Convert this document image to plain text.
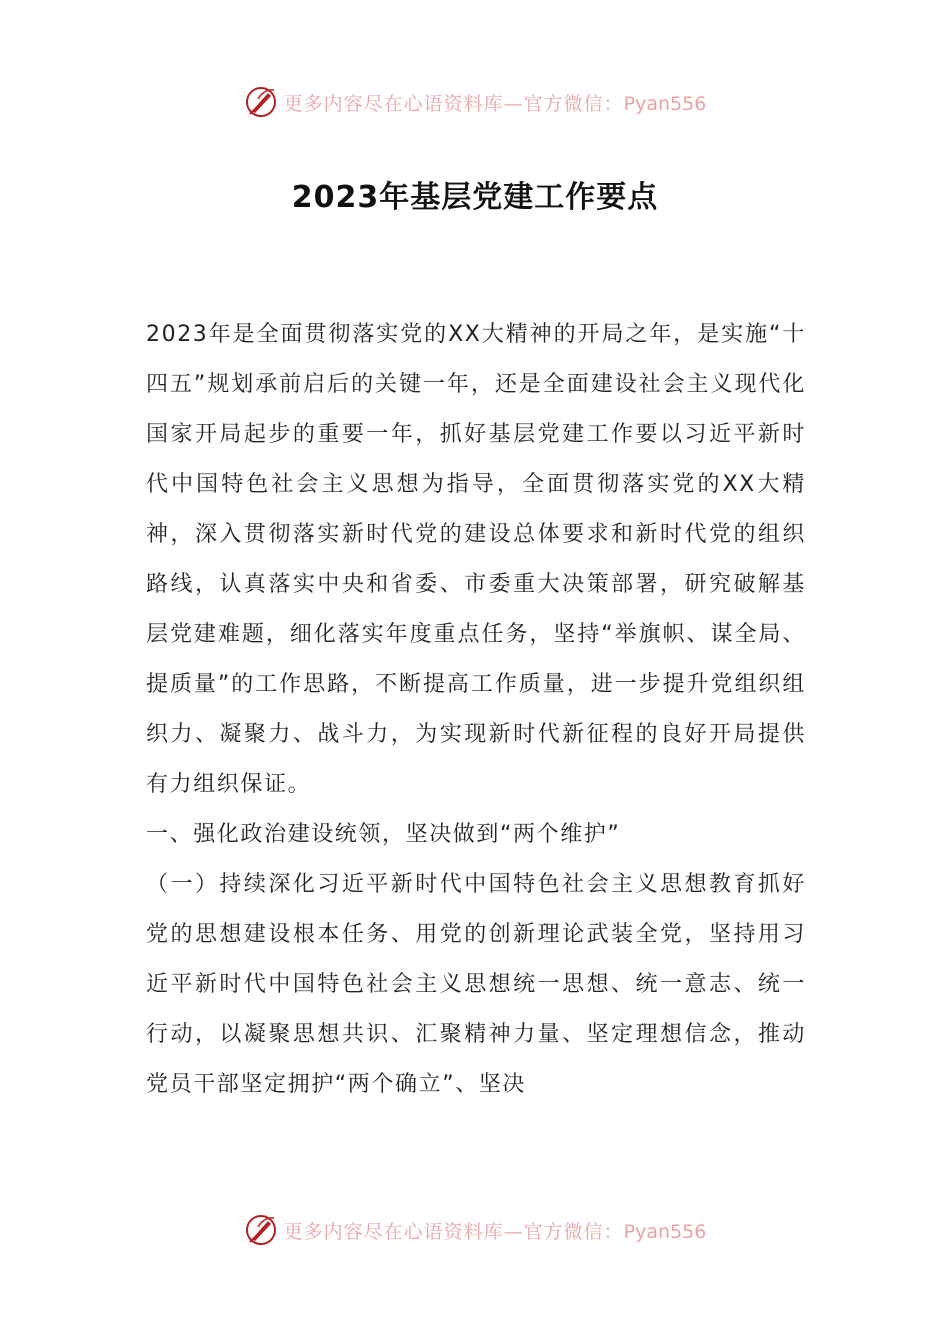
更多内容尽在心语资料库—官方微信：Pyan556
2023年基层党建工作要点

2023年是全面贯彻落实党的XX大精神的开局之年，是实施“十四五”规划承前启后的关键一年，还是全面建设社会主义现代化国家开局起步的重要一年，抓好基层党建工作要以习近平新时代中国特色社会主义思想为指导，全面贯彻落实党的XX大精神，深入贯彻落实新时代党的建设总体要求和新时代党的组织路线，认真落实中央和省委、市委重大决策部署，研究破解基层党建难题，细化落实年度重点任务，坚持“举旗帜、谋全局、提质量”的工作思路，不断提高工作质量，进一步提升党组织组织力、凝聚力、战斗力，为实现新时代新征程的良好开局提供有力组织保证。

一、强化政治建设统领，坚决做到“两个维护”

（一）持续深化习近平新时代中国特色社会主义思想教育抓好党的思想建设根本任务、用党的创新理论武装全党，坚持用习近平新时代中国特色社会主义思想统一思想、统一意志、统一行动，以凝聚思想共识、汇聚精神力量、坚定理想信念，推动党员干部坚定拥护“两个确立”、坚决

更多内容尽在心语资料库—官方微信：Pyan556
